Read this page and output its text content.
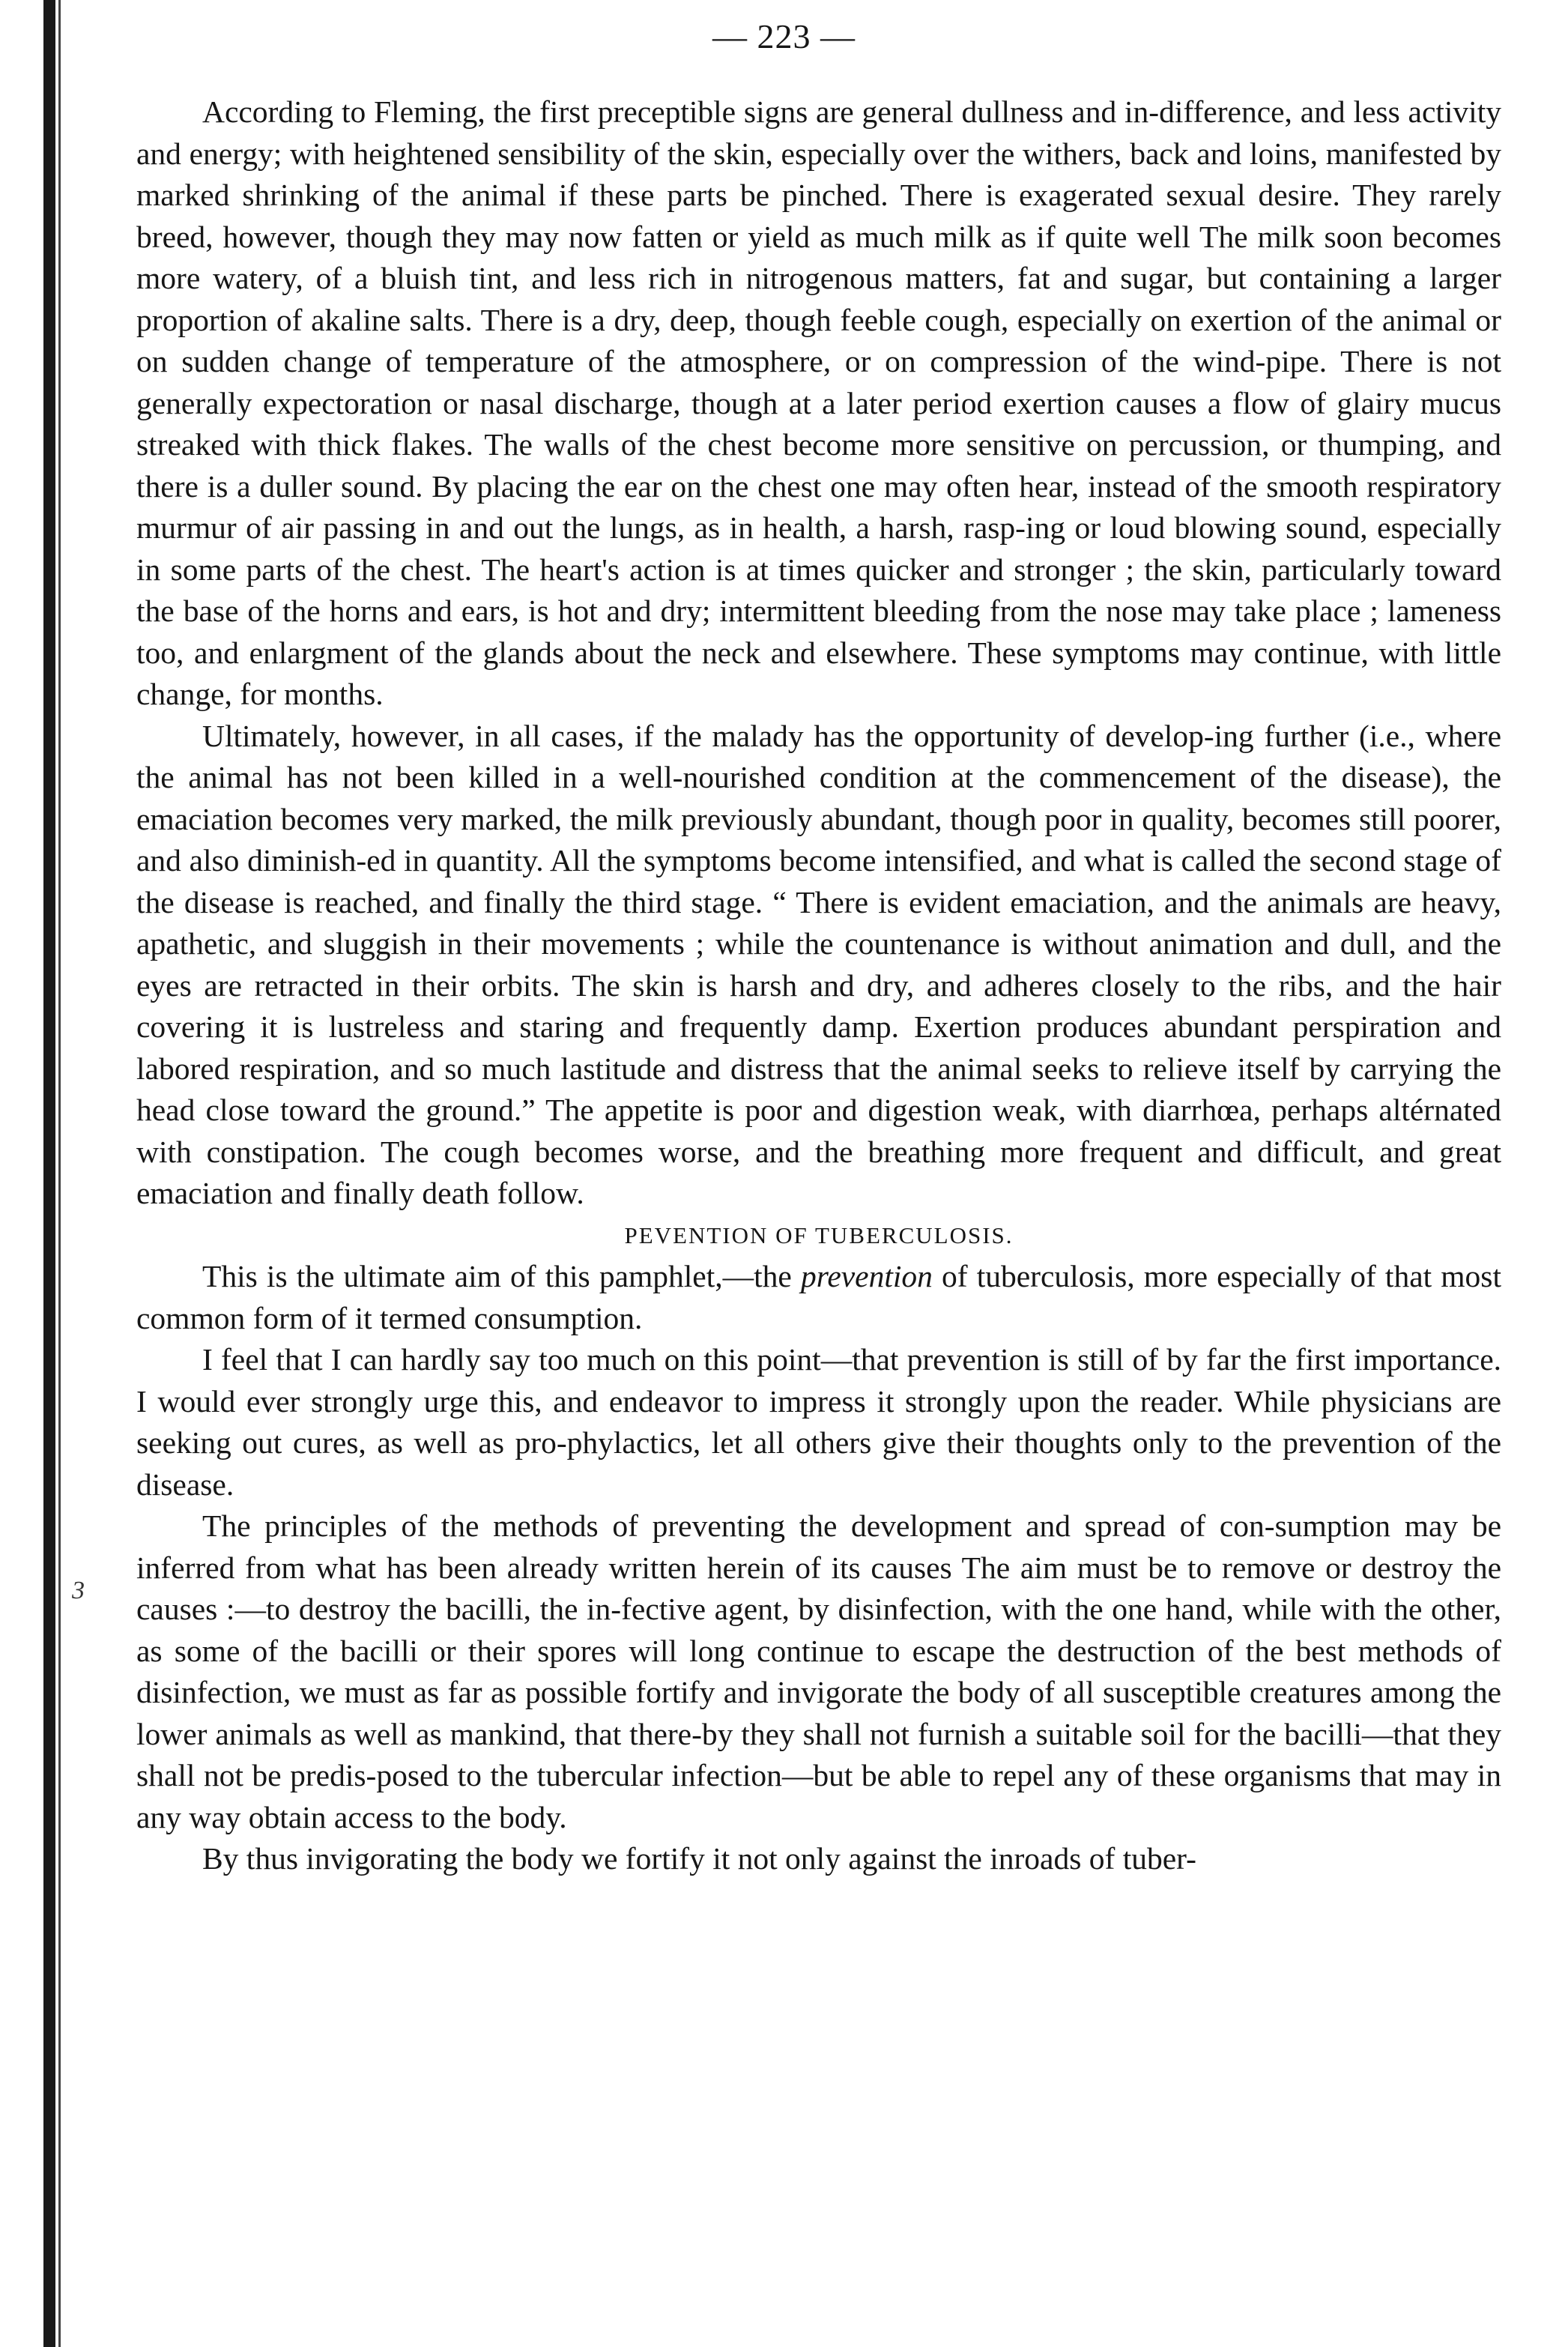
3
— 223 —

According to Fleming, the first preceptible signs are general dullness and in-difference, and less activity and energy; with heightened sensibility of the skin, especially over the withers, back and loins, manifested by marked shrinking of the animal if these parts be pinched. There is exagerated sexual desire. They rarely breed, however, though they may now fatten or yield as much milk as if quite well The milk soon becomes more watery, of a bluish tint, and less rich in nitrogenous matters, fat and sugar, but containing a larger proportion of akaline salts. There is a dry, deep, though feeble cough, especially on exertion of the animal or on sudden change of temperature of the atmosphere, or on compression of the wind-pipe. There is not generally expectoration or nasal discharge, though at a later period exertion causes a flow of glairy mucus streaked with thick flakes. The walls of the chest become more sensitive on percussion, or thumping, and there is a duller sound. By placing the ear on the chest one may often hear, instead of the smooth respiratory murmur of air passing in and out the lungs, as in health, a harsh, rasp-ing or loud blowing sound, especially in some parts of the chest. The heart's action is at times quicker and stronger ; the skin, particularly toward the base of the horns and ears, is hot and dry; intermittent bleeding from the nose may take place ; lameness too, and enlargment of the glands about the neck and elsewhere. These symptoms may continue, with little change, for months.

Ultimately, however, in all cases, if the malady has the opportunity of develop-ing further (i.e., where the animal has not been killed in a well-nourished condition at the commencement of the disease), the emaciation becomes very marked, the milk previously abundant, though poor in quality, becomes still poorer, and also diminish-ed in quantity. All the symptoms become intensified, and what is called the second stage of the disease is reached, and finally the third stage. “ There is evident emaciation, and the animals are heavy, apathetic, and sluggish in their movements ; while the countenance is without animation and dull, and the eyes are retracted in their orbits. The skin is harsh and dry, and adheres closely to the ribs, and the hair covering it is lustreless and staring and frequently damp. Exertion produces abundant perspiration and labored respiration, and so much lastitude and distress that the animal seeks to relieve itself by carrying the head close toward the ground.” The appetite is poor and digestion weak, with diarrhœa, perhaps altérnated with constipation. The cough becomes worse, and the breathing more frequent and difficult, and great emaciation and finally death follow.

PEVENTION OF TUBERCULOSIS.

This is the ultimate aim of this pamphlet,—the prevention of tuberculosis, more especially of that most common form of it termed consumption.

I feel that I can hardly say too much on this point—that prevention is still of by far the first importance. I would ever strongly urge this, and endeavor to impress it strongly upon the reader. While physicians are seeking out cures, as well as pro-phylactics, let all others give their thoughts only to the prevention of the disease.

The principles of the methods of preventing the development and spread of con-sumption may be inferred from what has been already written herein of its causes The aim must be to remove or destroy the causes :—to destroy the bacilli, the in-fective agent, by disinfection, with the one hand, while with the other, as some of the bacilli or their spores will long continue to escape the destruction of the best methods of disinfection, we must as far as possible fortify and invigorate the body of all susceptible creatures among the lower animals as well as mankind, that there-by they shall not furnish a suitable soil for the bacilli—that they shall not be predis-posed to the tubercular infection—but be able to repel any of these organisms that may in any way obtain access to the body.

By thus invigorating the body we fortify it not only against the inroads of tuber-
